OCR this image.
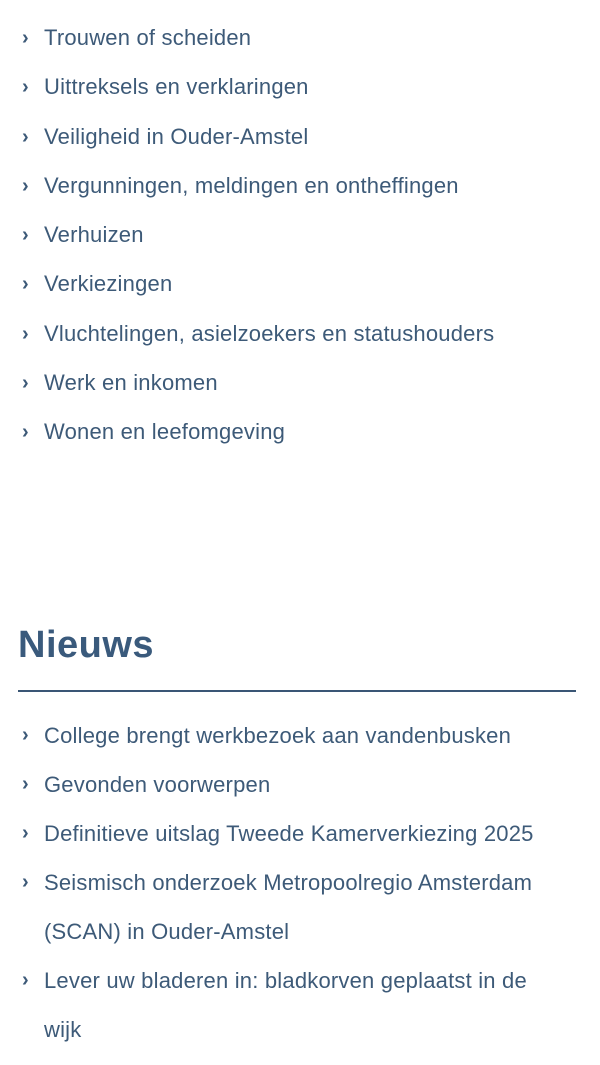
› Trouwen of scheiden
› Uittreksels en verklaringen
› Veiligheid in Ouder-Amstel
› Vergunningen, meldingen en ontheffingen
› Verhuizen
› Verkiezingen
› Vluchtelingen, asielzoekers en statushouders
› Werk en inkomen
› Wonen en leefomgeving
Nieuws
› College brengt werkbezoek aan vandenbusken
› Gevonden voorwerpen
› Definitieve uitslag Tweede Kamerverkiezing 2025
› Seismisch onderzoek Metropoolregio Amsterdam (SCAN) in Ouder-Amstel
› Lever uw bladeren in: bladkorven geplaatst in de wijk
